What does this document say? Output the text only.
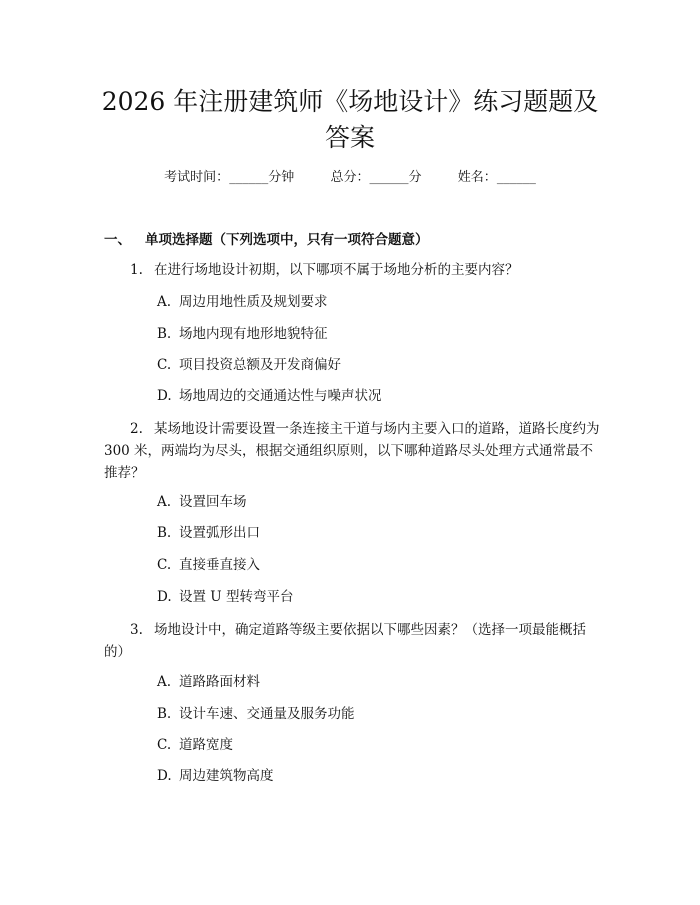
2026 年注册建筑师《场地设计》练习题题及
答案
考试时间：______分钟	总分：______分	姓名：______
一、 单项选择题（下列选项中，只有一项符合题意）
1. 在进行场地设计初期，以下哪项不属于场地分析的主要内容？
A. 周边用地性质及规划要求
B. 场地内现有地形地貌特征
C. 项目投资总额及开发商偏好
D. 场地周边的交通通达性与噪声状况
2. 某场地设计需要设置一条连接主干道与场内主要入口的道路，道路长度约为 300 米，两端均为尽头，根据交通组织原则，以下哪种道路尽头处理方式通常最不推荐？
A. 设置回车场
B. 设置弧形出口
C. 直接垂直接入
D. 设置 U 型转弯平台
3. 场地设计中，确定道路等级主要依据以下哪些因素？（选择一项最能概括的）
A. 道路路面材料
B. 设计车速、交通量及服务功能
C. 道路宽度
D. 周边建筑物高度
